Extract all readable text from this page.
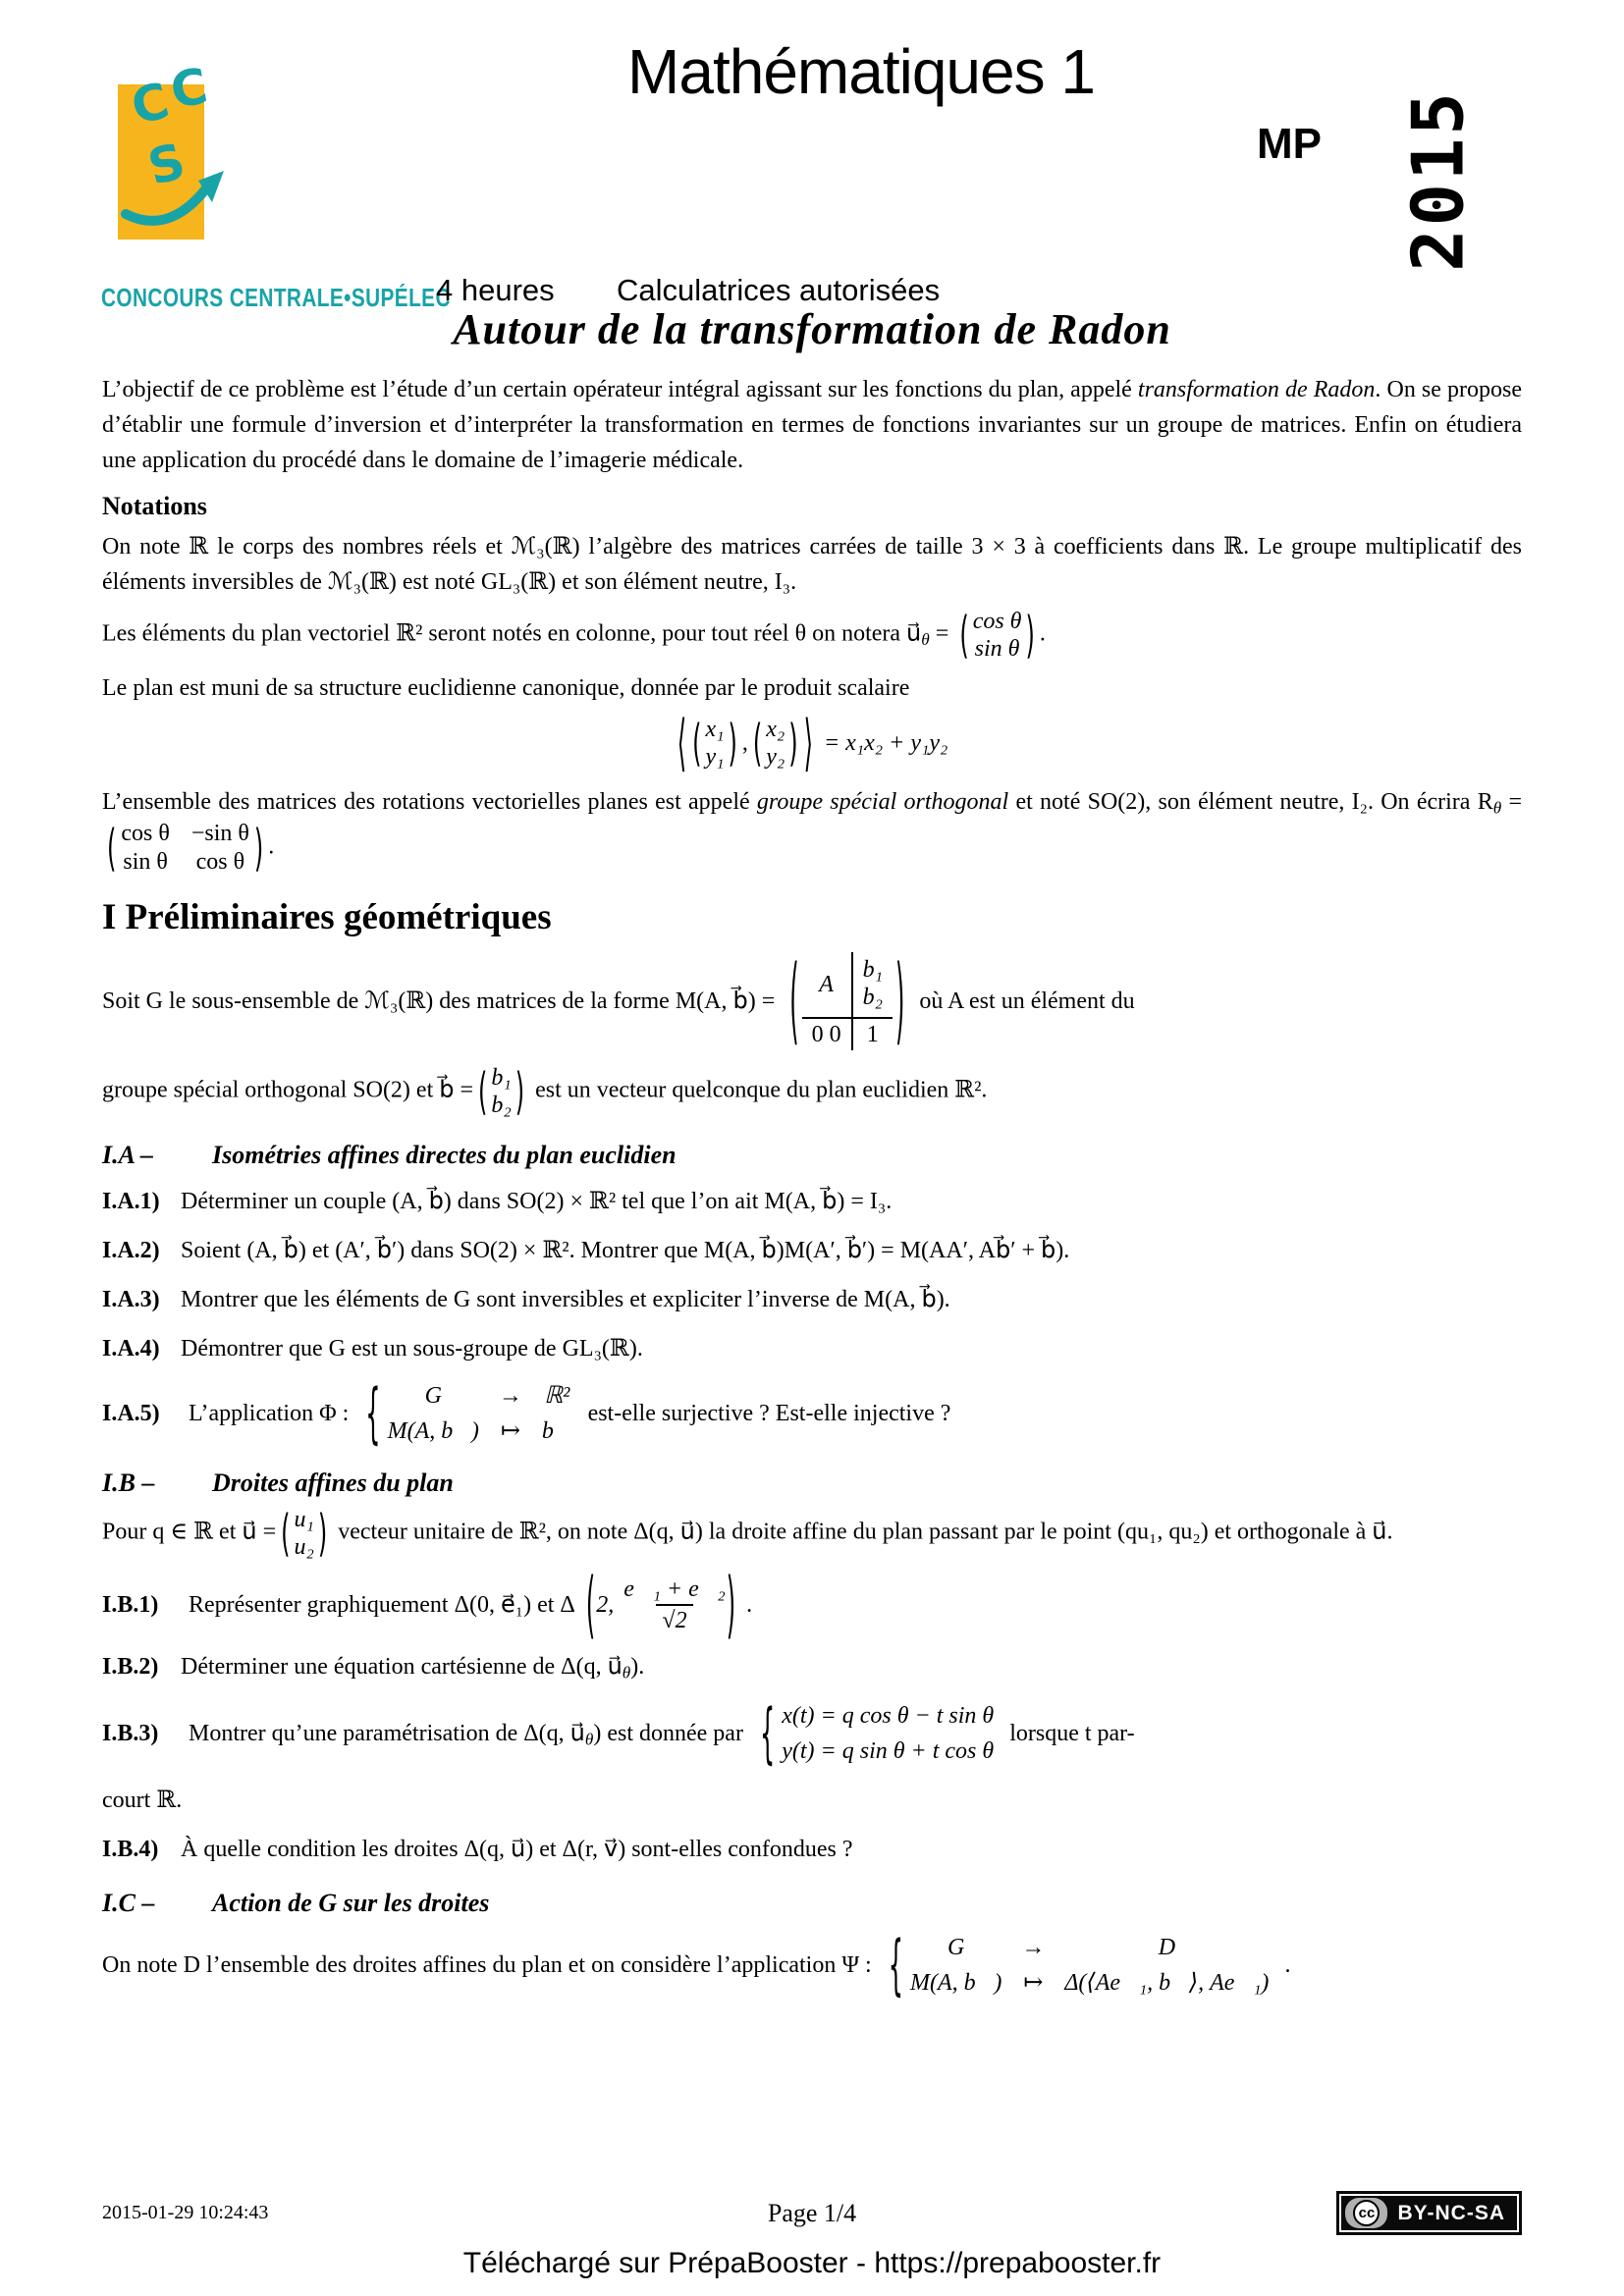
C
C
S
Mathématiques 1
MP 2015
CONCOURS CENTRALE•SUPÉLEC
4 heures Calculatrices autorisées
Autour de la transformation de Radon

L’objectif de ce problème est l’étude d’un certain opérateur intégral agissant sur les fonctions du plan, appelé transformation de Radon. On se propose d’établir une formule d’inversion et d’interpréter la transformation en termes de fonctions invariantes sur un groupe de matrices. Enfin on étudiera une application du procédé dans le domaine de l’imagerie médicale.

Notations

On note ℝ le corps des nombres réels et ℳ₃(ℝ) l’algèbre des matrices carrées de taille 3 × 3 à coefficients dans ℝ. Le groupe multiplicatif des éléments inversibles de ℳ₃(ℝ) est noté GL₃(ℝ) et son élément neutre, I₃.

Les éléments du plan vectoriel ℝ² seront notés en colonne, pour tout réel θ on notera $u⃗_\theta$ = ( cos θ
sin θ ) .

Le plan est muni de sa structure euclidienne canonique, donnée par le produit scalaire

⟨ ( x₁
y₁ ) , ( x₂
y₂ ) ⟩ = x₁x₂ + y₁y₂

L’ensemble des matrices des rotations vectorielles planes est appelé groupe spécial orthogonal et noté SO(2), son élément neutre, I₂. On écrira $R_\theta$ =
( cos θ −sin θ
sin θ cos θ ) .

I Préliminaires géométriques
Soit G le sous-ensemble de ℳ₃(ℝ) des matrices de la forme M(A, b⃗) = ( A
b₁
b₂
0 0	1 ) où A est un élément du

groupe spécial orthogonal SO(2) et b⃗ = ( b₁
b₂ ) est un vecteur quelconque du plan euclidien ℝ².

I.A –	Isométries affines directes du plan euclidien

I.A.1) Déterminer un couple (A, b⃗) dans SO(2) × ℝ² tel que l’on ait M(A, b⃗) = I₃.

I.A.2) Soient (A, b⃗) et (A′, b⃗′) dans SO(2) × ℝ². Montrer que M(A, b⃗)M(A′, b⃗′) = M(AA′, Ab⃗′ + b⃗).

I.A.3) Montrer que les éléments de G sont inversibles et expliciter l’inverse de M(A, b⃗).

I.A.4) Démontrer que G est un sous-groupe de GL₃(ℝ).

I.A.5)	L’application Φ : { G → ℝ²
M(A, b⃗) ↦ b⃗
est-elle surjective ? Est-elle injective ?
I.B –	Droites affines du plan

Pour q ∈ ℝ et u⃗ = ( u₁
u₂ ) vecteur unitaire de ℝ², on note Δ(q, u⃗) la droite affine du plan passant par le point (qu₁, qu₂) et orthogonale à u⃗.

I.B.1)	Représenter graphiquement Δ(0, e⃗₁) et Δ ( 2, $\frac{\text{e⃗₁ + e⃗₂}}{√2}$ ) .

I.B.2) Déterminer une équation cartésienne de Δ(q, $u⃗_\theta$).

I.B.3)	Montrer qu’une paramétrisation de Δ(q, $u⃗_\theta$) est donnée par { x(t) = q cos θ − t sin θ
y(t) = q sin θ + t cos θ
lorsque t par-

court ℝ.

I.B.4) À quelle condition les droites Δ(q, u⃗) et Δ(r, v⃗) sont-elles confondues ?

I.C –	Action de G sur les droites
On note D l’ensemble des droites affines du plan et on considère l’application Ψ : { G →	D
M(A, b⃗) ↦ Δ(⟨Ae⃗₁, b⃗⟩, Ae⃗₁)
.
2015-01-29 10:24:43	Page 1/4	cc BY-NC-SA
Téléchargé sur PrépaBooster - https://prepabooster.fr
